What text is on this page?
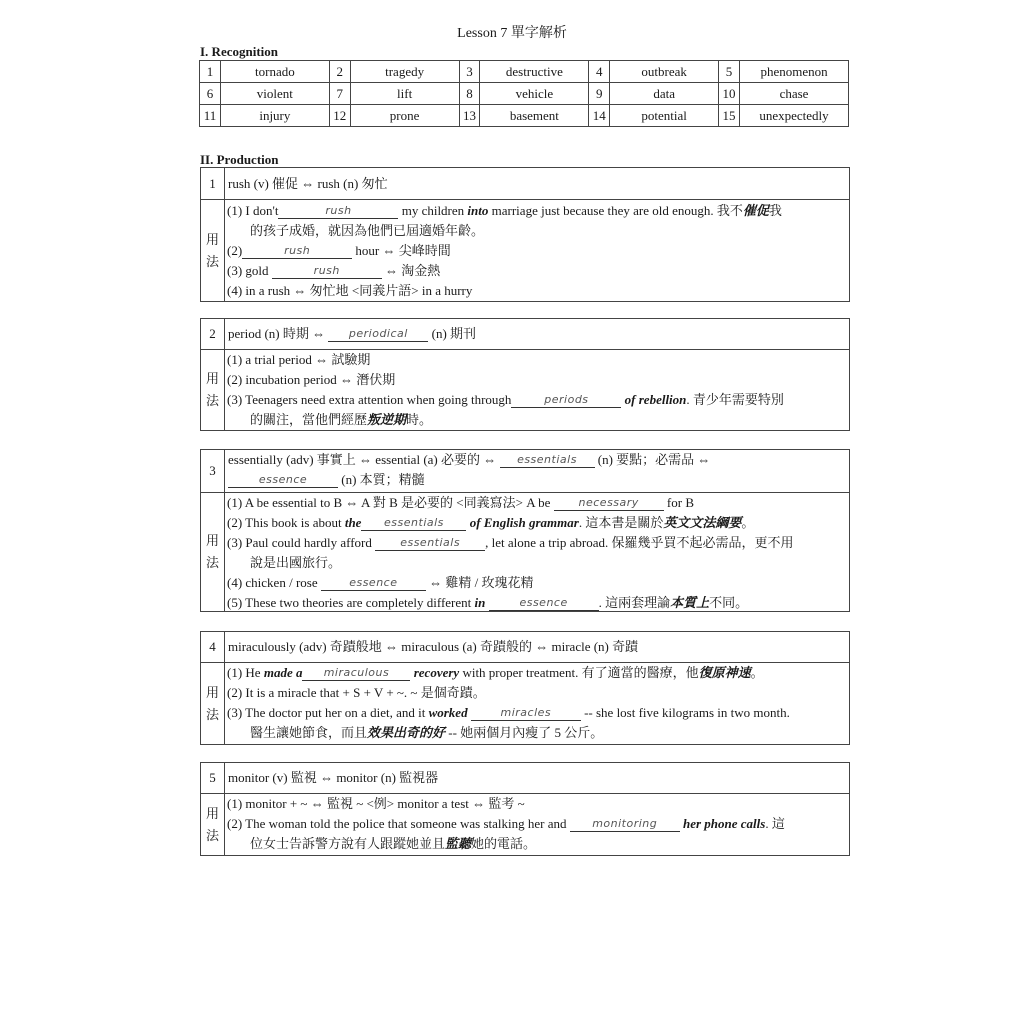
Lesson 7 單字解析
I. Recognition
1	tornado	2	tragedy	3	destructive	4	outbreak	5	phenomenon
6	violent	7	lift	8	vehicle	9	data	10	chase
11	injury	12	prone	13	basement	14	potential	15	unexpectedly
II. Production
1 rush (v) 催促 ⇔ rush (n) 匆忙
用
法
(1) I don't	rush	my children into marriage just because they are old enough. 我不催促我
的孩子成婚，就因為他們已屆適婚年齡。
(2)	rush	hour ⇔ 尖峰時間
(3) gold	rush	⇔ 淘金熱
(4) in a rush ⇔ 匆忙地 <同義片語> in a hurry
2 period (n) 時期 ⇔ periodical (n) 期刊
用
法
(1) a trial period ⇔ 試驗期
(2) incubation period ⇔ 潛伏期
(3) Teenagers need extra attention when going through	periods	of rebellion. 青少年需要特別
的關注，當他們經歷叛逆期時。
3
essentially (adv) 事實上 ⇔ essential (a) 必要的 ⇔ essentials (n) 要點；必需品 ⇔
essence	(n) 本質；精髓
用
法
(1) A be essential to B ⇔ A 對 B 是必要的 <同義寫法> A be	necessary for B
(2) This book is about the essentials of English grammar. 這本書是關於英文文法綱要。
(3) Paul could hardly afford	essentials , let alone a trip abroad. 保羅幾乎買不起必需品，更不用
說是出國旅行。
(4) chicken / rose	essence ⇔ 雞精 / 玫瑰花精
(5) These two theories are completely different in	essence . 這兩套理論本質上不同。
4 miraculously (adv) 奇蹟般地 ⇔ miraculous (a) 奇蹟般的 ⇔ miracle (n) 奇蹟
用
法
(1) He made a miraculous recovery with proper treatment. 有了適當的醫療，他復原神速。
(2) It is a miracle that + S + V + ~. ~ 是個奇蹟。
(3) The doctor put her on a diet, and it worked	miracles	-- she lost five kilograms in two month.
醫生讓她節食，而且效果出奇的好 -- 她兩個月內瘦了 5 公斤。
5 monitor (v) 監視 ⇔ monitor (n) 監視器
用
法
(1) monitor + ~ ⇔ 監視 ~ <例> monitor a test ⇔ 監考 ~
(2) The woman told the police that someone was stalking her and monitoring her phone calls. 這
位女士告訴警方說有人跟蹤她並且監聽她的電話。
